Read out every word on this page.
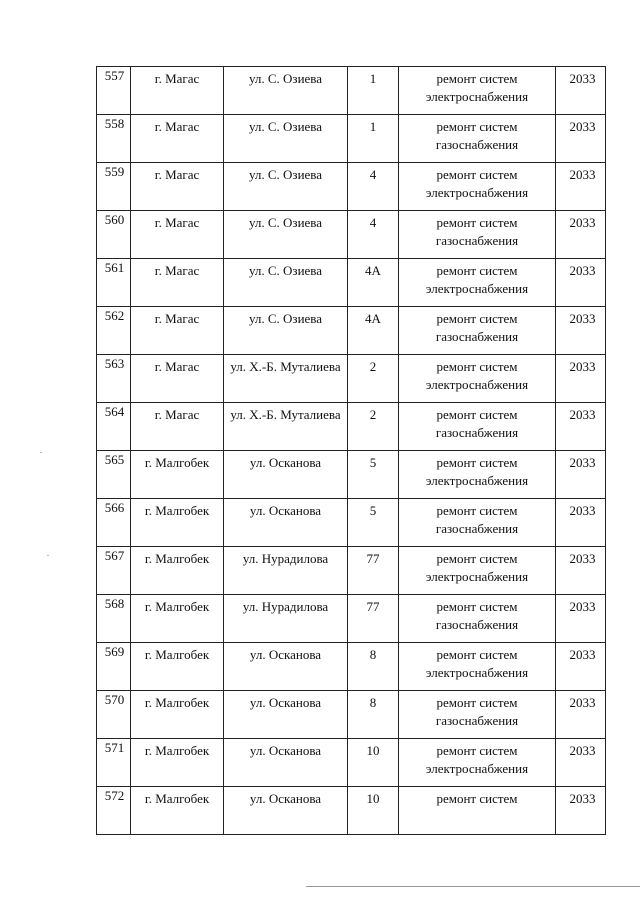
557	г. Магас	ул. С. Озиева	1	ремонт систем электроснабжения	2033

558	г. Магас	ул. С. Озиева	1	ремонт систем газоснабжения	2033

559	г. Магас	ул. С. Озиева	4	ремонт систем электроснабжения	2033

560	г. Магас	ул. С. Озиева	4	ремонт систем газоснабжения	2033

561	г. Магас	ул. С. Озиева	4А	ремонт систем электроснабжения	2033

562	г. Магас	ул. С. Озиева	4А	ремонт систем газоснабжения	2033

563	г. Магас	ул. Х.-Б. Муталиева	2	ремонт систем электроснабжения	2033

564	г. Магас	ул. Х.-Б. Муталиева	2	ремонт систем газоснабжения	2033

565	г. Малгобек	ул. Осканова	5	ремонт систем электроснабжения	2033

566	г. Малгобек	ул. Осканова	5	ремонт систем газоснабжения	2033

567	г. Малгобек	ул. Нурадилова	77	ремонт систем электроснабжения	2033

568	г. Малгобек	ул. Нурадилова	77	ремонт систем газоснабжения	2033

569	г. Малгобек	ул. Осканова	8	ремонт систем электроснабжения	2033

570	г. Малгобек	ул. Осканова	8	ремонт систем газоснабжения	2033

571	г. Малгобек	ул. Осканова	10	ремонт систем электроснабжения	2033

572	г. Малгобек	ул. Осканова	10	ремонт систем	2033
